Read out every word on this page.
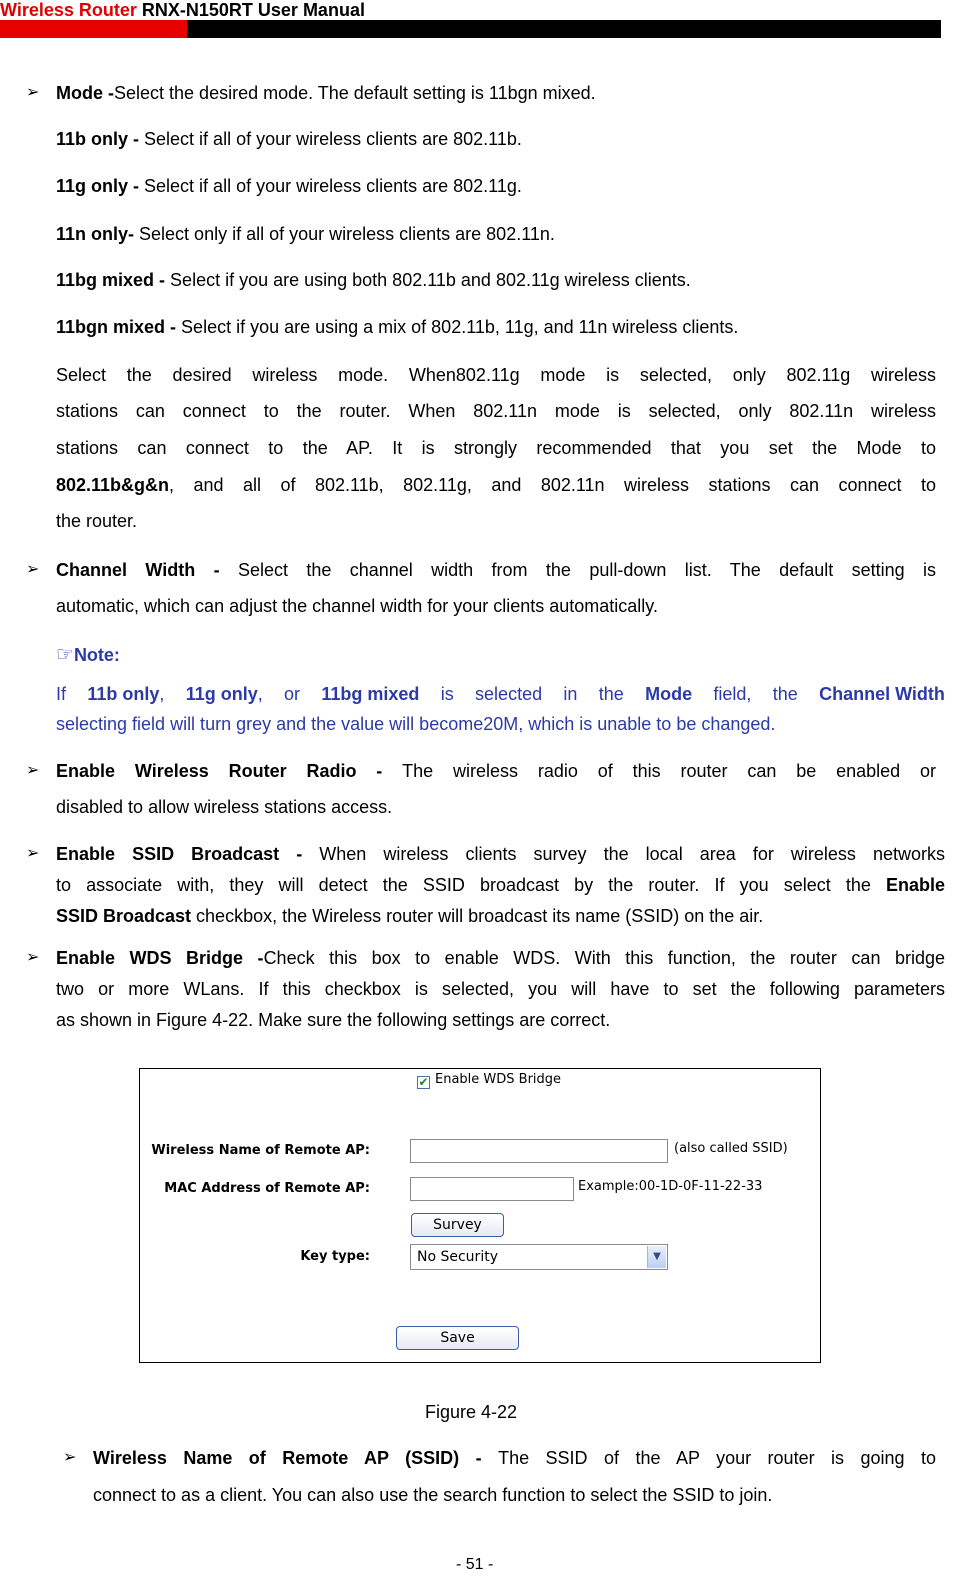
Wireless Router RNX-N150RT User Manual
➢ Mode -Select the desired mode. The default setting is 11bgn mixed.
11b only - Select if all of your wireless clients are 802.11b.
11g only - Select if all of your wireless clients are 802.11g.
11n only- Select only if all of your wireless clients are 802.11n.
11bg mixed - Select if you are using both 802.11b and 802.11g wireless clients.
11bgn mixed - Select if you are using a mix of 802.11b, 11g, and 11n wireless clients.
Select the desired wireless mode. When802.11g mode is selected, only 802.11g wireless
stations can connect to the router. When 802.11n mode is selected, only 802.11n wireless
stations can connect to the AP. It is strongly recommended that you set the Mode to
802.11b&g&n, and all of 802.11b, 802.11g, and 802.11n wireless stations can connect to
the router.
➢ Channel Width - Select the channel width from the pull-down list. The default setting is
automatic, which can adjust the channel width for your clients automatically.
☞Note:
If 11b only, 11g only, or 11bg mixed is selected in the Mode field, the Channel Width
selecting field will turn grey and the value will become20M, which is unable to be changed.
➢ Enable Wireless Router Radio - The wireless radio of this router can be enabled or
disabled to allow wireless stations access.
➢ Enable SSID Broadcast - When wireless clients survey the local area for wireless networks
to associate with, they will detect the SSID broadcast by the router. If you select the Enable
SSID Broadcast checkbox, the Wireless router will broadcast its name (SSID) on the air.
➢ Enable WDS Bridge -Check this box to enable WDS. With this function, the router can bridge
two or more WLans. If this checkbox is selected, you will have to set the following parameters
as shown in Figure 4-22. Make sure the following settings are correct.
✔ Enable WDS Bridge
Wireless Name of Remote AP:	(also called SSID)
MAC Address of Remote AP:	Example:00-1D-0F-11-22-33
Survey
Key type:	No Security	▼
Save
Figure 4-22
➢ Wireless Name of Remote AP (SSID) - The SSID of the AP your router is going to
connect to as a client. You can also use the search function to select the SSID to join.
- 51 -
